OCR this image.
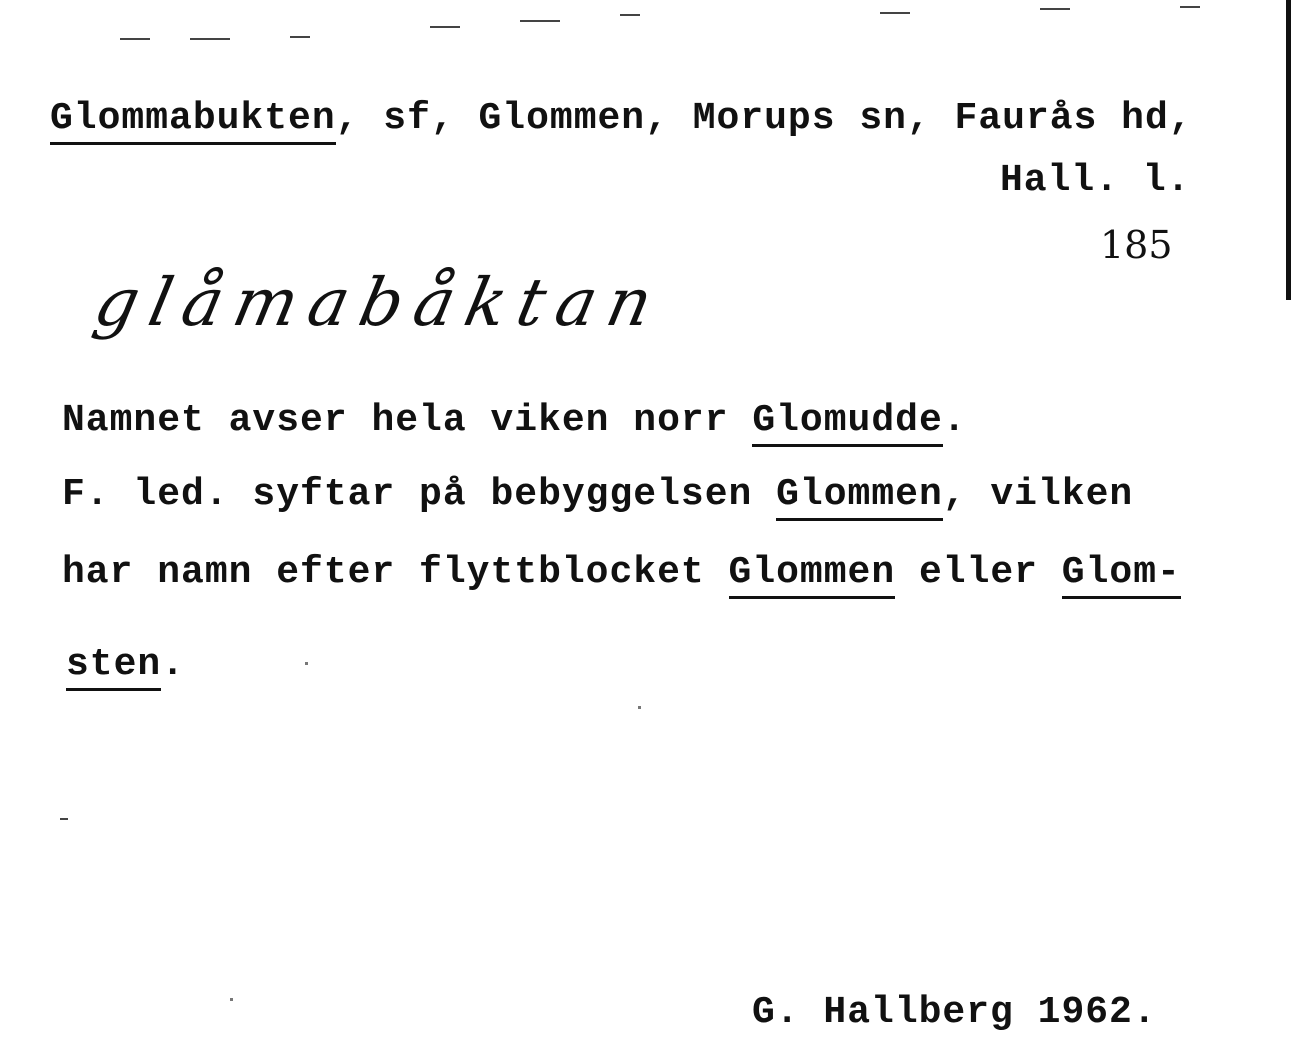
Glommabukten, sf, Glommen, Morups sn, Faurås hd,
Hall. l.
185
glåmabåktan
Namnet avser hela viken norr Glomudde.
F. led. syftar på bebyggelsen Glommen, vilken
har namn efter flyttblocket Glommen eller Glom-
sten.
G. Hallberg 1962.
